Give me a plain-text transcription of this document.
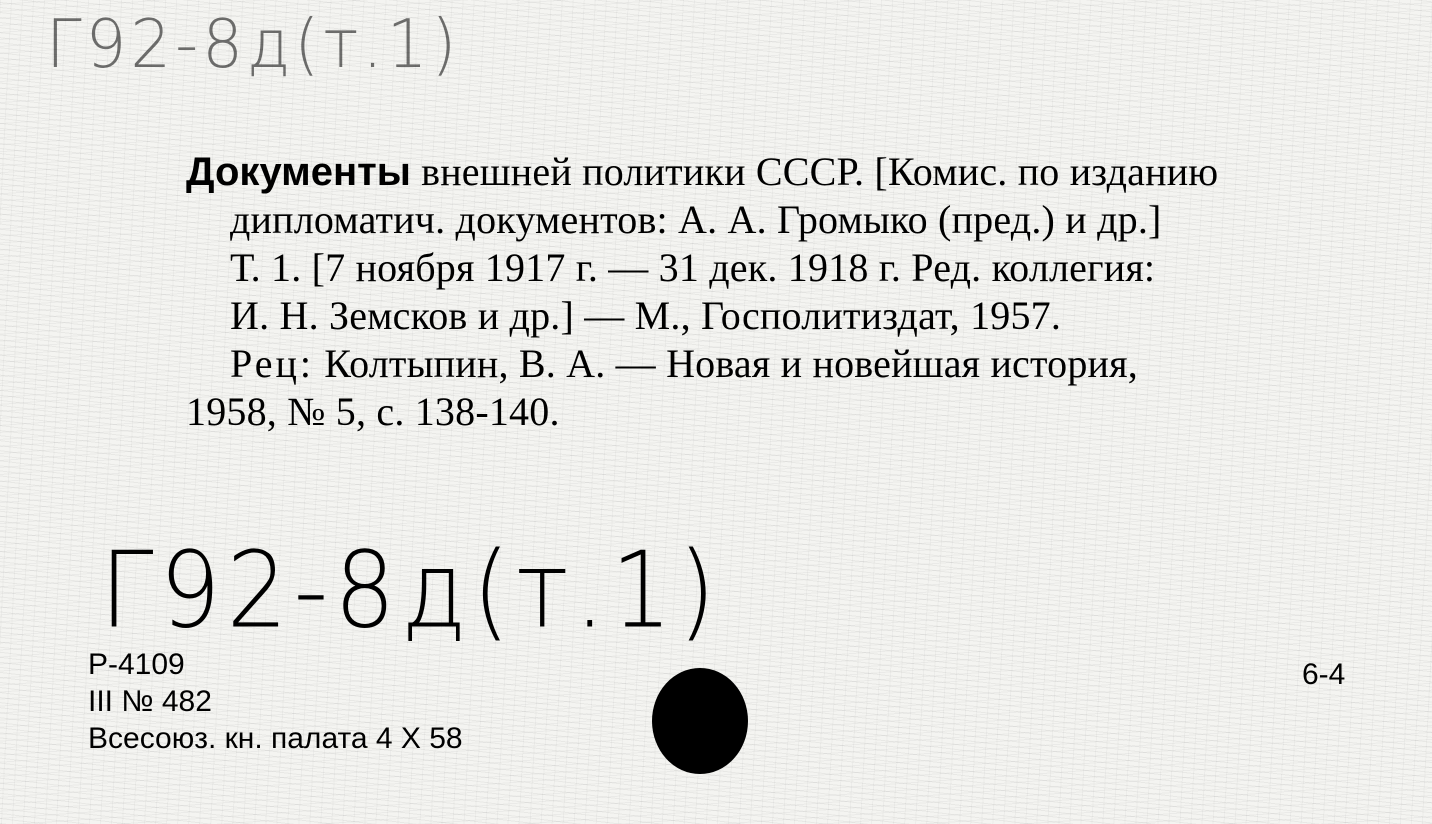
Г92-8д(т.1)
Документы внешней политики СССР. [Комис. по изданию
дипломатич. документов: А. А. Громыко (пред.) и др.]
Т. 1. [7 ноября 1917 г. — 31 дек. 1918 г. Ред. коллегия:
И. Н. Земсков и др.] — М., Госполитиздат, 1957.
Рец: Колтыпин, В. А. — Новая и новейшая история,
1958, № 5, с. 138-140.
Г92-8д(т.1)
Р-4109
III № 482
Всесоюз. кн. палата 4 X 58
6-4
